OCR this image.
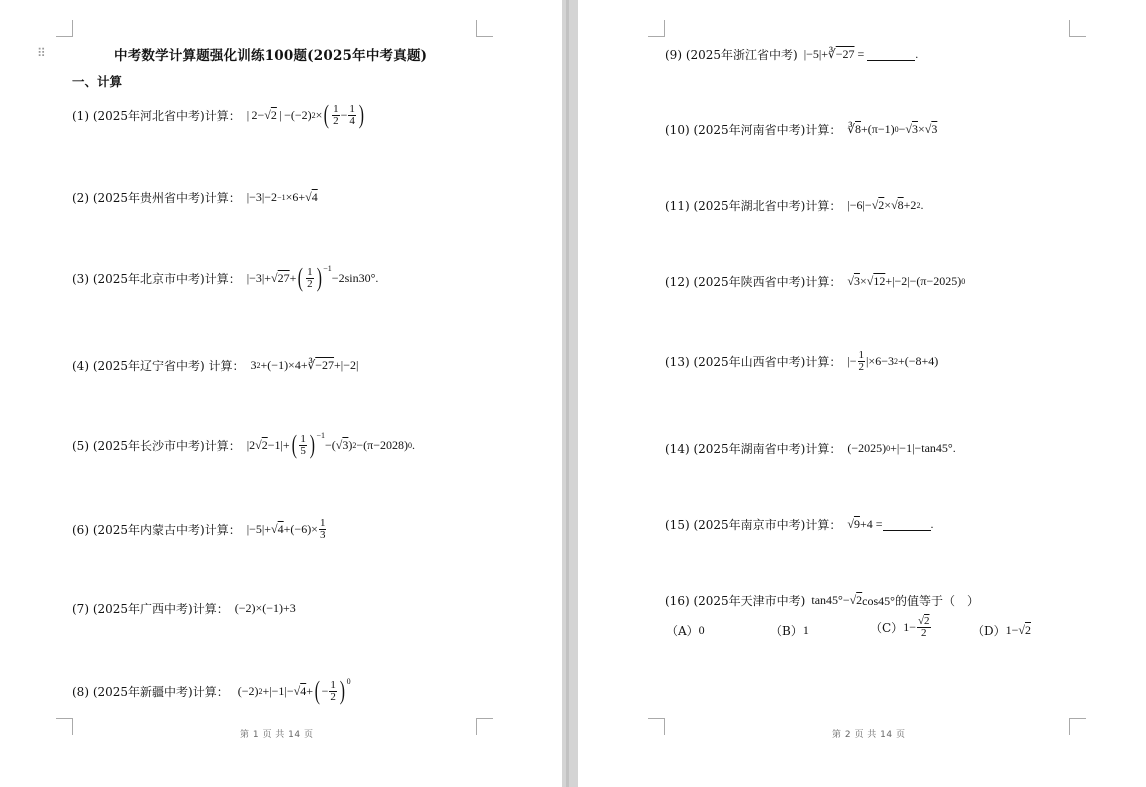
⠿	中考数学计算题强化训练100题(2025年中考真题)
一、计算
(1) (2025年河北省中考)计算： | 2−√ 2  | −(−2) 2 × ( $\frac{1}{2} - \frac{1}{4}$ )
(2) (2025年贵州省中考)计算： |−3|−2 −1 ×6+√ 4
(3) (2025年北京市中考)计算： |−3|+√ 27 + ( $\frac{1}{2} )^{-1}$
−2sin30°.
(4) (2025年辽宁省中考) 计算： 3 2 +(−1)×4+∛ −27 +|−2|
(5) (2025年长沙市中考)计算： |2√ 2 −1|+ ( $\frac{1}{5} )^{-1}$
−(√ 3 ) 2 −(π−2028) 0 .
(6) (2025年内蒙古中考)计算： |−5|+√ $4 +(-6)\times \frac{1}{3}$
(7) (2025年广西中考)计算： (−2)×(−1)+3
(8) (2025年新疆中考)计算： (−2) 2 +|−1|−√ 4 + ( − $\frac{1}{2} )^0$
(9) (2025年浙江省中考) |−5|+∛ −27 =	.
(10) (2025年河南省中考)计算： ∛ 8 +(π−1) 0 −√ 3 ×√ 3
(11) (2025年湖北省中考)计算： |−6|−√ 2 ×√ 8 +2 2 .
(12) (2025年陕西省中考)计算： √ 3 ×√ 12 +|−2|−(π−2025) 0
(13) (2025年山西省中考)计算： |− $\frac{1}{2} |\times 6-3$ 2 +(−8+4)
(14) (2025年湖南省中考)计算： (−2025) 0 +|−1|−tan45°.
(15) (2025年南京市中考)计算： √ 9 +4 =	.
(16) (2025年天津市中考) tan45°−√ 2 cos45°的值等于（    ）
（A） 0	（B） 1	（C） $1- \frac{√2}{2}$	（D） 1−√ 2
第 1 页 共 14 页	第 2 页 共 14 页
